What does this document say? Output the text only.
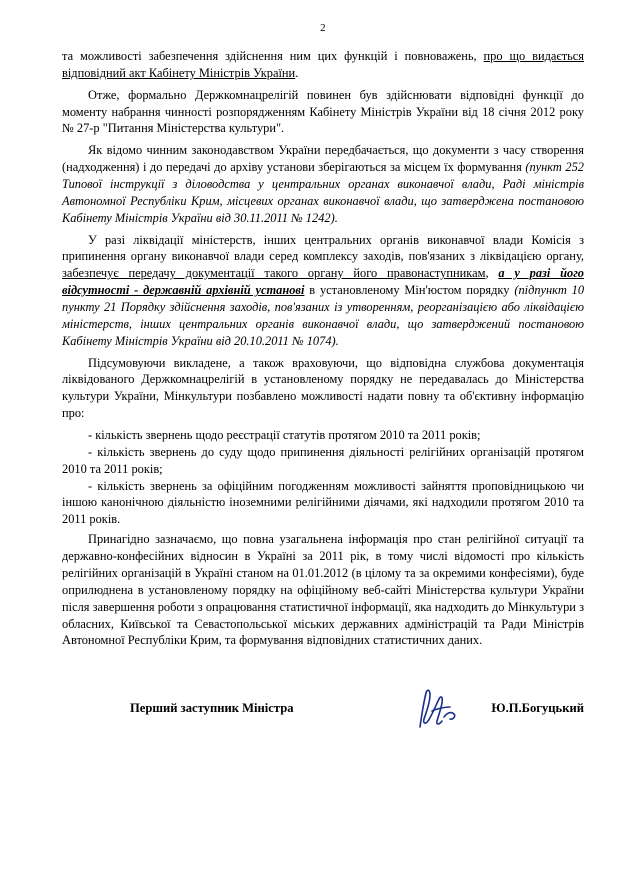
2

та можливості забезпечення здійснення ним цих функцій і повноважень, про що видається відповідний акт Кабінету Міністрів України.

Отже, формально Держкомнацрелігій повинен був здійснювати відповідні функції до моменту набрання чинності розпорядженням Кабінету Міністрів України від 18 січня 2012 року № 27-р "Питання Міністерства культури".

Як відомо чинним законодавством України передбачається, що документи з часу створення (надходження) і до передачі до архіву установи зберігаються за місцем їх формування (пункт 252 Типової інструкції з діловодства у центральних органах виконавчої влади, Раді міністрів Автономної Республіки Крим, місцевих органах виконавчої влади, що затверджена постановою Кабінету Міністрів України від 30.11.2011 № 1242).

У разі ліквідації міністерств, інших центральних органів виконавчої влади Комісія з припинення органу виконавчої влади серед комплексу заходів, пов'язаних з ліквідацією органу, забезпечує передачу документації такого органу його правонаступникам, а у разі його відсутності - державній архівній установі в установленому Мін'юстом порядку (підпункт 10 пункту 21 Порядку здійснення заходів, пов'язаних із утворенням, реорганізацією або ліквідацією міністерств, інших центральних органів виконавчої влади, що затверджений постановою Кабінету Міністрів України від 20.10.2011 № 1074).

Підсумовуючи викладене, а також враховуючи, що відповідна службова документація ліквідованого Держкомнацрелігій в установленому порядку не передавалась до Міністерства культури України, Мінкультури позбавлено можливості надати повну та об'єктивну інформацію про:

- кількість звернень щодо реєстрації статутів протягом 2010 та 2011 років;

- кількість звернень до суду щодо припинення діяльності релігійних організацій протягом 2010 та 2011 років;

- кількість звернень за офіційним погодженням можливості зайняття проповідницькою чи іншою канонічною діяльністю іноземними релігійними діячами, які надходили протягом 2010 та 2011 років.

Принагідно зазначаємо, що повна узагальнена інформація про стан релігійної ситуації та державно-конфесійних відносин в Україні за 2011 рік, в тому числі відомості про кількість релігійних організацій в Україні станом на 01.01.2012 (в цілому та за окремими конфесіями), буде оприлюднена в установленому порядку на офіційному веб-сайті Міністерства культури України після завершення роботи з опрацювання статистичної інформації, яка надходить до Мінкультури з обласних, Київської та Севастопольської міських державних адміністрацій та Ради Міністрів Автономної Республіки Крим, та формування відповідних статистичних даних.

Перший заступник Міністра	Ю.П.Богуцький
